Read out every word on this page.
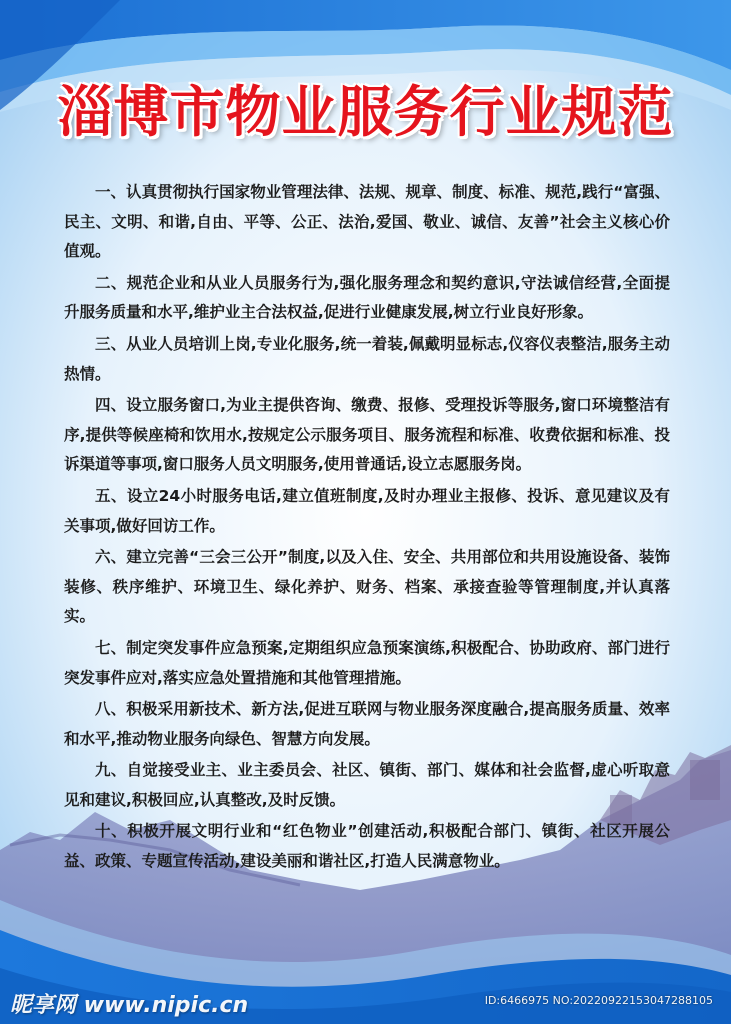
淄博市物业服务行业规范

一、认真贯彻执行国家物业管理法律、法规、规章、制度、标准、规范,践行“富强、民主、文明、和谐,自由、平等、公正、法治,爱国、敬业、诚信、友善”社会主义核心价值观。

二、规范企业和从业人员服务行为,强化服务理念和契约意识,守法诚信经营,全面提升服务质量和水平,维护业主合法权益,促进行业健康发展,树立行业良好形象。

三、从业人员培训上岗,专业化服务,统一着装,佩戴明显标志,仪容仪表整洁,服务主动热情。

四、设立服务窗口,为业主提供咨询、缴费、报修、受理投诉等服务,窗口环境整洁有序,提供等候座椅和饮用水,按规定公示服务项目、服务流程和标准、收费依据和标准、投诉渠道等事项,窗口服务人员文明服务,使用普通话,设立志愿服务岗。

五、设立24小时服务电话,建立值班制度,及时办理业主报修、投诉、意见建议及有关事项,做好回访工作。

六、建立完善“三会三公开”制度,以及入住、安全、共用部位和共用设施设备、装饰装修、秩序维护、环境卫生、绿化养护、财务、档案、承接查验等管理制度,并认真落实。

七、制定突发事件应急预案,定期组织应急预案演练,积极配合、协助政府、部门进行突发事件应对,落实应急处置措施和其他管理措施。

八、积极采用新技术、新方法,促进互联网与物业服务深度融合,提高服务质量、效率和水平,推动物业服务向绿色、智慧方向发展。

九、自觉接受业主、业主委员会、社区、镇街、部门、媒体和社会监督,虚心听取意见和建议,积极回应,认真整改,及时反馈。

十、积极开展文明行业和“红色物业”创建活动,积极配合部门、镇街、社区开展公益、政策、专题宣传活动,建设美丽和谐社区,打造人民满意物业。

昵享网 www.nipic.cn	ID:6466975 NO:20220922153047288105
